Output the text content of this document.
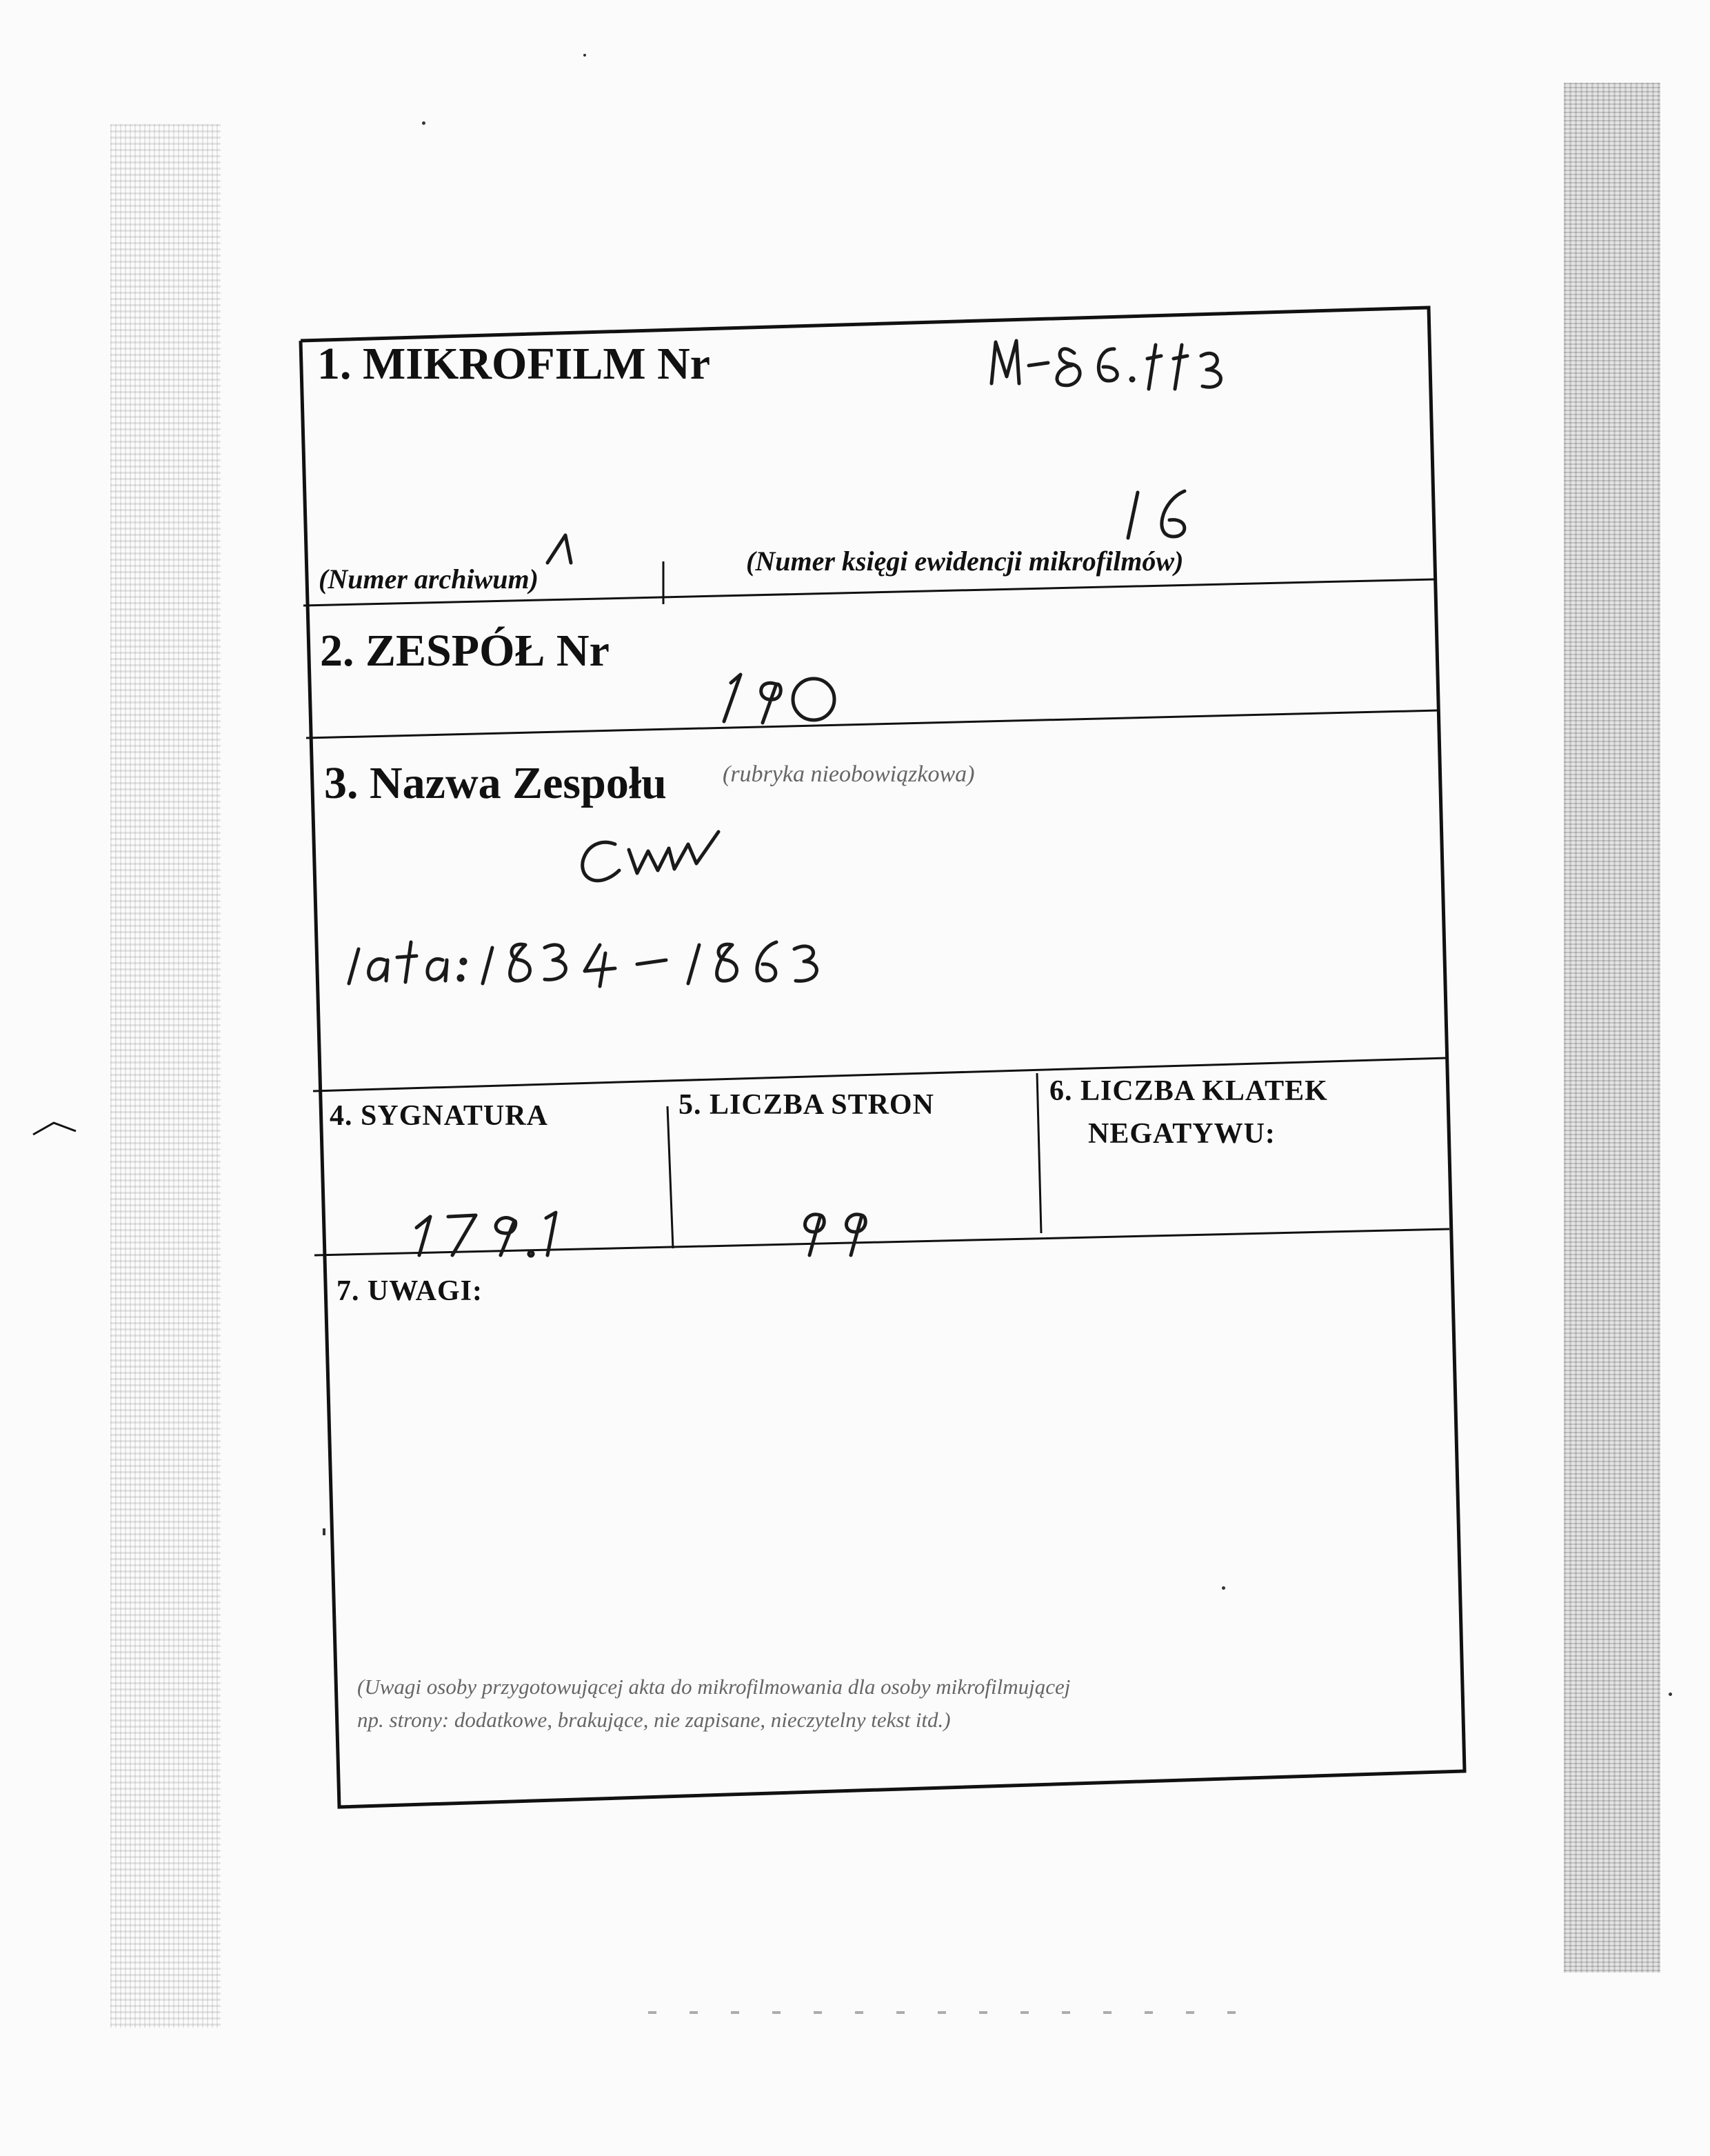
1. MIKROFILM Nr
(Numer archiwum)
(Numer księgi ewidencji mikrofilmów)
2. ZESPÓŁ Nr
3. Nazwa Zespołu (rubryka nieobowiązkowa)
4. SYGNATURA	5. LICZBA STRON	6. LICZBA KLATEK
NEGATYWU:
7. UWAGI:
(Uwagi osoby przygotowującej akta do mikrofilmowania dla osoby mikrofilmującej
np. strony: dodatkowe, brakujące, nie zapisane, nieczytelny tekst itd.)
